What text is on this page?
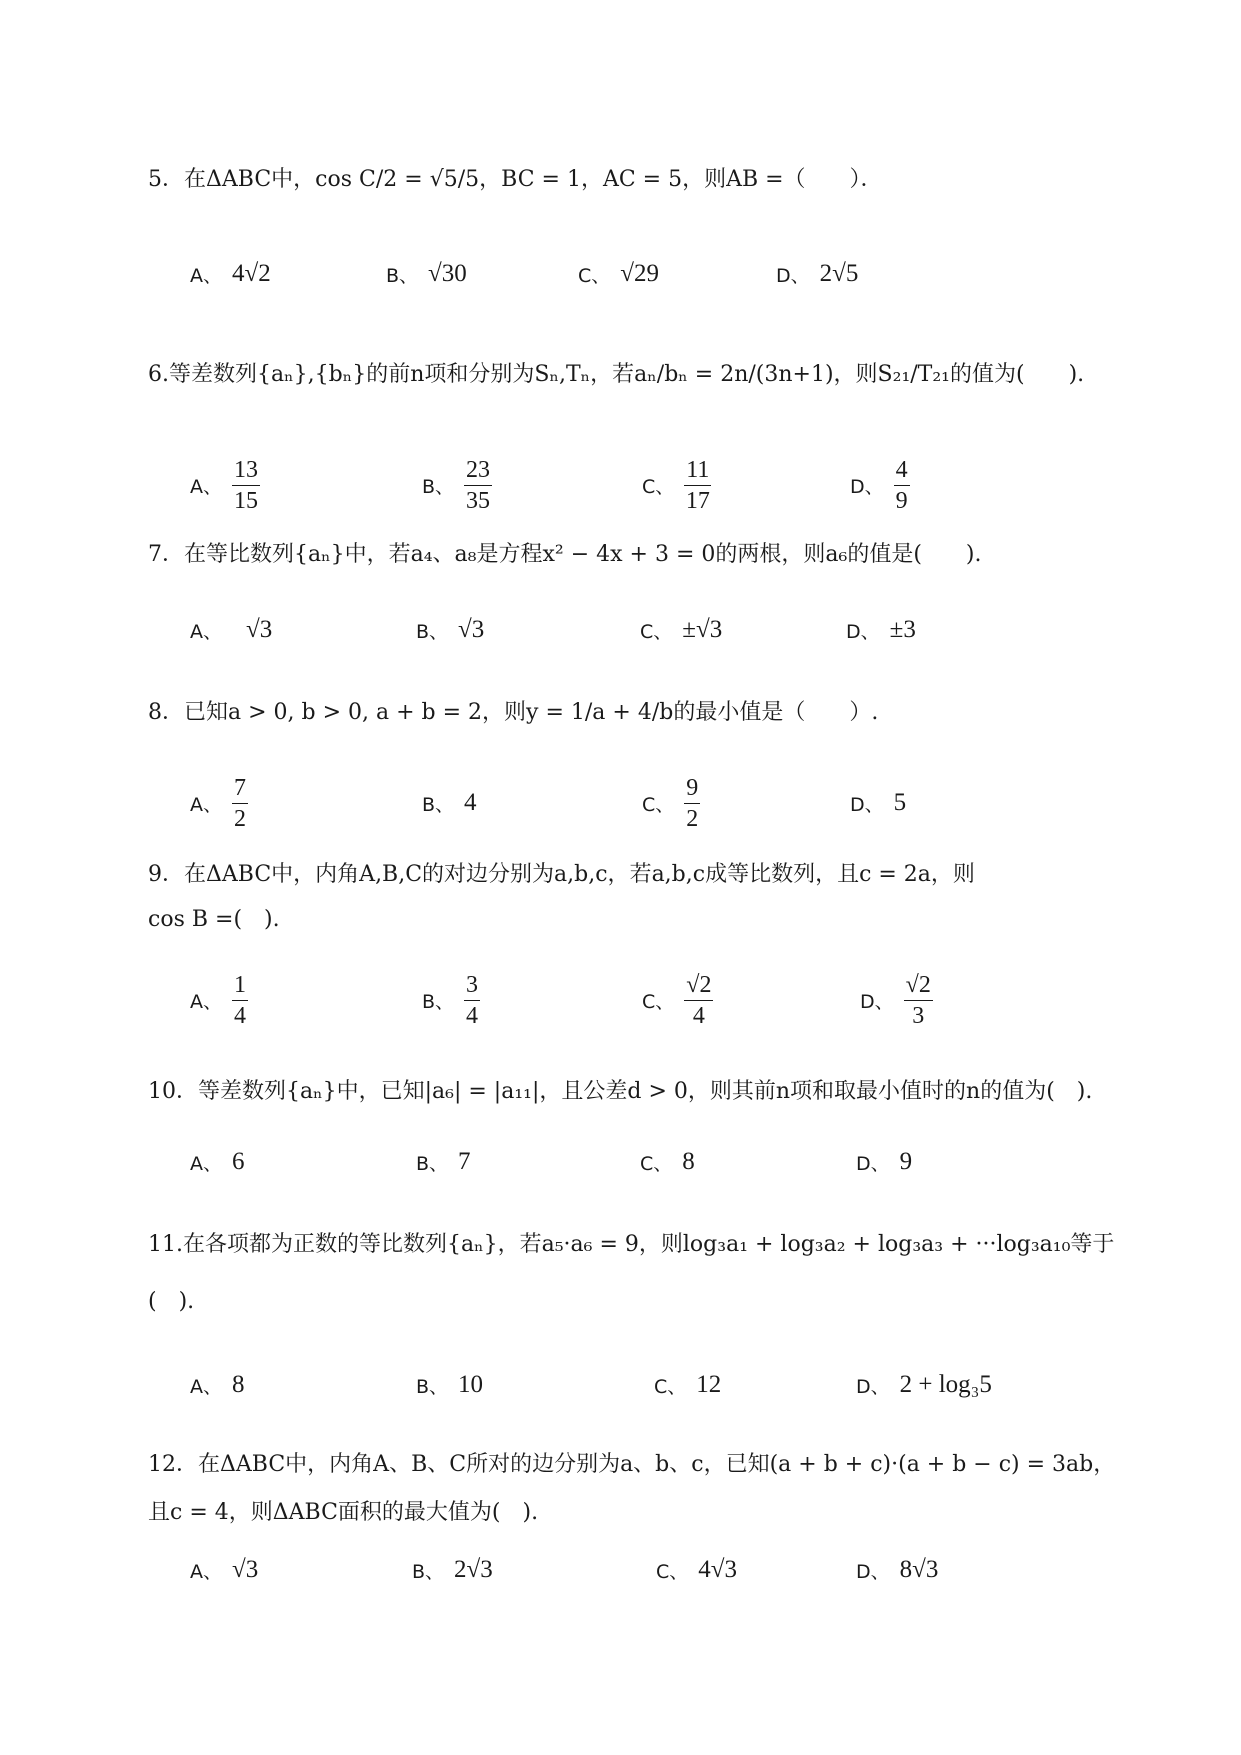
5．在ΔABC中，cos C/2 = √5/5，BC = 1，AC = 5，则AB =（　　）．
A、 4√2	B、 √30	C、 √29	D、 2√5
6.等差数列{aₙ},{bₙ}的前n项和分别为Sₙ,Tₙ，若aₙ/bₙ = 2n/(3n+1)，则S₂₁/T₂₁的值为(　　).
A、 $\frac{13}{15}$	B、 $\frac{23}{35}$	C、 $\frac{11}{17}$	D、 $\frac{4}{9}$
7．在等比数列{aₙ}中，若a₄、a₈是方程x² − 4x + 3 = 0的两根，则a₆的值是(　　).
A、 √3	B、 √3	C、 ±√3	D、 ±3
8．已知a > 0, b > 0, a + b = 2，则y = 1/a + 4/b的最小值是（　　）.
A、 $\frac{7}{2}$	B、 4	C、 $\frac{9}{2}$	D、 5
9．在ΔABC中，内角A,B,C的对边分别为a,b,c，若a,b,c成等比数列，且c = 2a，则
cos B =(　).
A、 $\frac{1}{4}$	B、 $\frac{3}{4}$	C、 $\frac{√2}{4}$	D、 $\frac{√2}{3}$
10．等差数列{aₙ}中，已知|a₆| = |a₁₁|，且公差d > 0，则其前n项和取最小值时的n的值为(　).
A、 6	B、 7	C、 8	D、 9
11.在各项都为正数的等比数列{aₙ}，若a₅·a₆ = 9，则log₃a₁ + log₃a₂ + log₃a₃ + ···log₃a₁₀等于
(　).
A、 8	B、 10	C、 12	D、 2 + log₃5
12．在ΔABC中，内角A、B、C所对的边分别为a、b、c，已知(a + b + c)·(a + b − c) = 3ab，
且c = 4，则ΔABC面积的最大值为(　).
A、 √3	B、 2√3	C、 4√3	D、 8√3
